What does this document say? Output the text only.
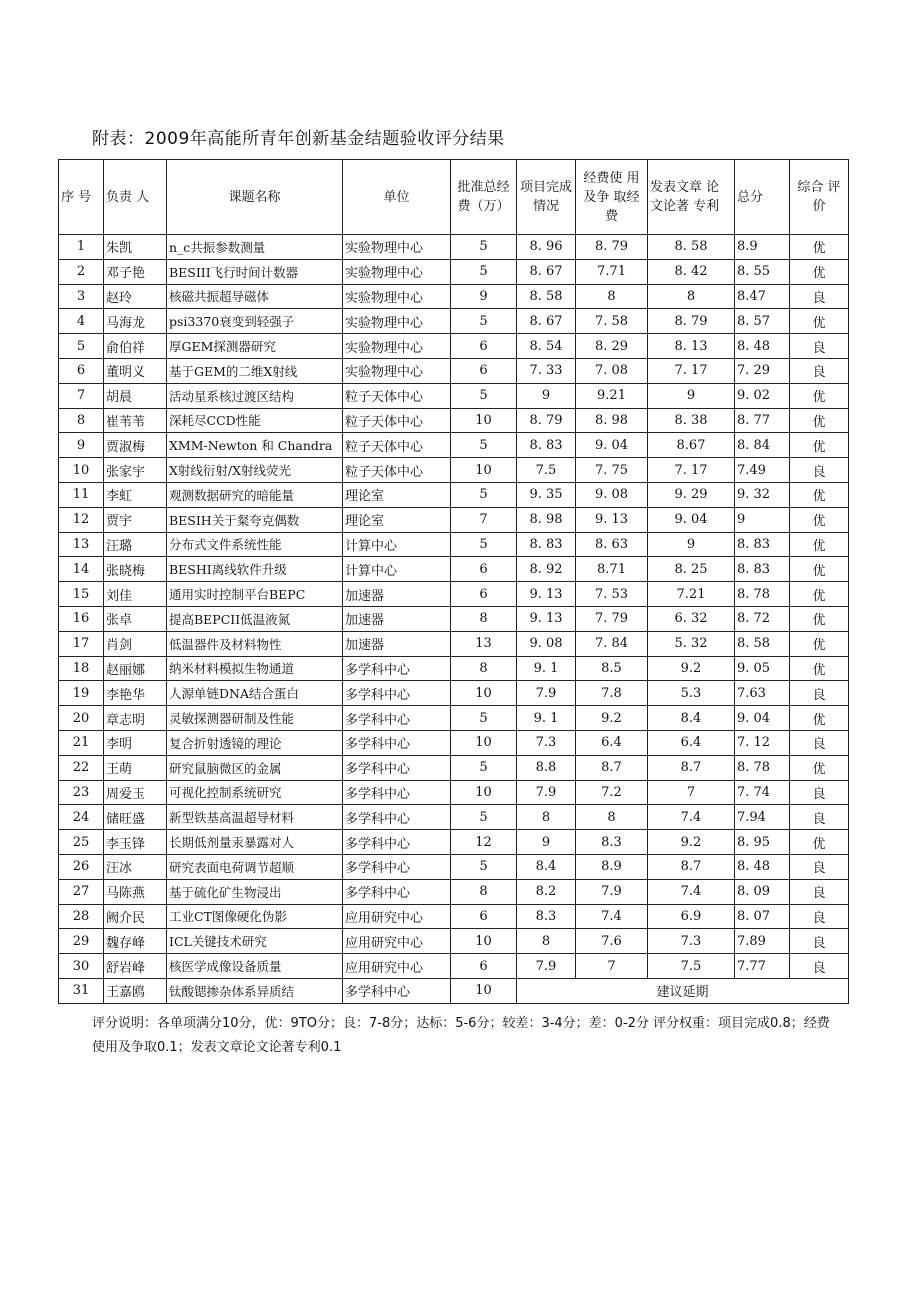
附表：2009年高能所青年创新基金结题验收评分结果
序 号	负责 人	课题名称	单位	批准总经费（万）	项目完成 情况	经费使 用及争 取经费	发表文章 论文论著 专利	总分	综合 评价
1	朱凯	n_c共振参数测量	实验物理中心	5	8. 96	8. 79	8. 58	8.9	优
2	邓子艳	BESIII飞行时间计数器	实验物理中心	5	8. 67	7.71	8. 42	8. 55	优
3	赵玲	核磁共振超导磁体	实验物理中心	9	8. 58	8	8	8.47	良
4	马海龙	psi3370衰变到轻强子	实验物理中心	5	8. 67	7. 58	8. 79	8. 57	优
5	俞伯祥	厚GEM探测器研究	实验物理中心	6	8. 54	8. 29	8. 13	8. 48	良
6	董明义	基于GEM的二维X射线	实验物理中心	6	7. 33	7. 08	7. 17	7. 29	良
7	胡晨	活动星系核过渡区结构	粒子天体中心	5	9	9.21	9	9. 02	优
8	崔苇苇	深耗尽CCD性能	粒子天体中心	10	8. 79	8. 98	8. 38	8. 77	优
9	贾淑梅	XMM-Newton 和 Chandra	粒子天体中心	5	8. 83	9. 04	8.67	8. 84	优
10	张家宇	X射线衍射/X射线荧光	粒子天体中心	10	7.5	7. 75	7. 17	7.49	良
11	李虹	观测数据研究的暗能量	理论室	5	9. 35	9. 08	9. 29	9. 32	优
12	贾宇	BESIH关于粲夸克偶数	理论室	7	8. 98	9. 13	9. 04	9	优
13	汪璐	分布式文件系统性能	计算中心	5	8. 83	8. 63	9	8. 83	优
14	张晓梅	BESHI离线软件升级	计算中心	6	8. 92	8.71	8. 25	8. 83	优
15	刘佳	通用实时控制平台BEPC	加速器	6	9. 13	7. 53	7.21	8. 78	优
16	张卓	提高BEPCII低温液氮	加速器	8	9. 13	7. 79	6. 32	8. 72	优
17	肖剑	低温器件及材料物性	加速器	13	9. 08	7. 84	5. 32	8. 58	优
18	赵丽娜	纳米材料模拟生物通道	多学科中心	8	9. 1	8.5	9.2	9. 05	优
19	李艳华	人源单链DNA结合蛋白	多学科中心	10	7.9	7.8	5.3	7.63	良
20	章志明	灵敏探测器研制及性能	多学科中心	5	9. 1	9.2	8.4	9. 04	优
21	李明	复合折射透镜的理论	多学科中心	10	7.3	6.4	6.4	7. 12	良
22	王萌	研究鼠脑微区的金属	多学科中心	5	8.8	8.7	8.7	8. 78	优
23	周爱玉	可视化控制系统研究	多学科中心	10	7.9	7.2	7	7. 74	良
24	储旺盛	新型铁基高温超导材料	多学科中心	5	8	8	7.4	7.94	良
25	李玉锋	长期低剂量汞暴露对人	多学科中心	12	9	8.3	9.2	8. 95	优
26	汪冰	研究表面电荷调节超顺	多学科中心	5	8.4	8.9	8.7	8. 48	良
27	马陈燕	基于硫化矿生物浸出	多学科中心	8	8.2	7.9	7.4	8. 09	良
28	阙介民	工业CT图像硬化伪影	应用研究中心	6	8.3	7.4	6.9	8. 07	良
29	魏存峰	ICL关键技术研究	应用研究中心	10	8	7.6	7.3	7.89	良
30	舒岩峰	核医学成像设备质量	应用研究中心	6	7.9	7	7.5	7.77	良
31	王嘉鸥	钛酸锶掺杂体系异质结	多学科中心	10	建议延期				
评分说明：各单项满分10分，优：9TO分；良：7-8分；达标：5-6分；较差：3-4分；差：0-2分 评分权重：项目完成0.8；经费使用及争取0.1；发表文章论文论著专利0.1
